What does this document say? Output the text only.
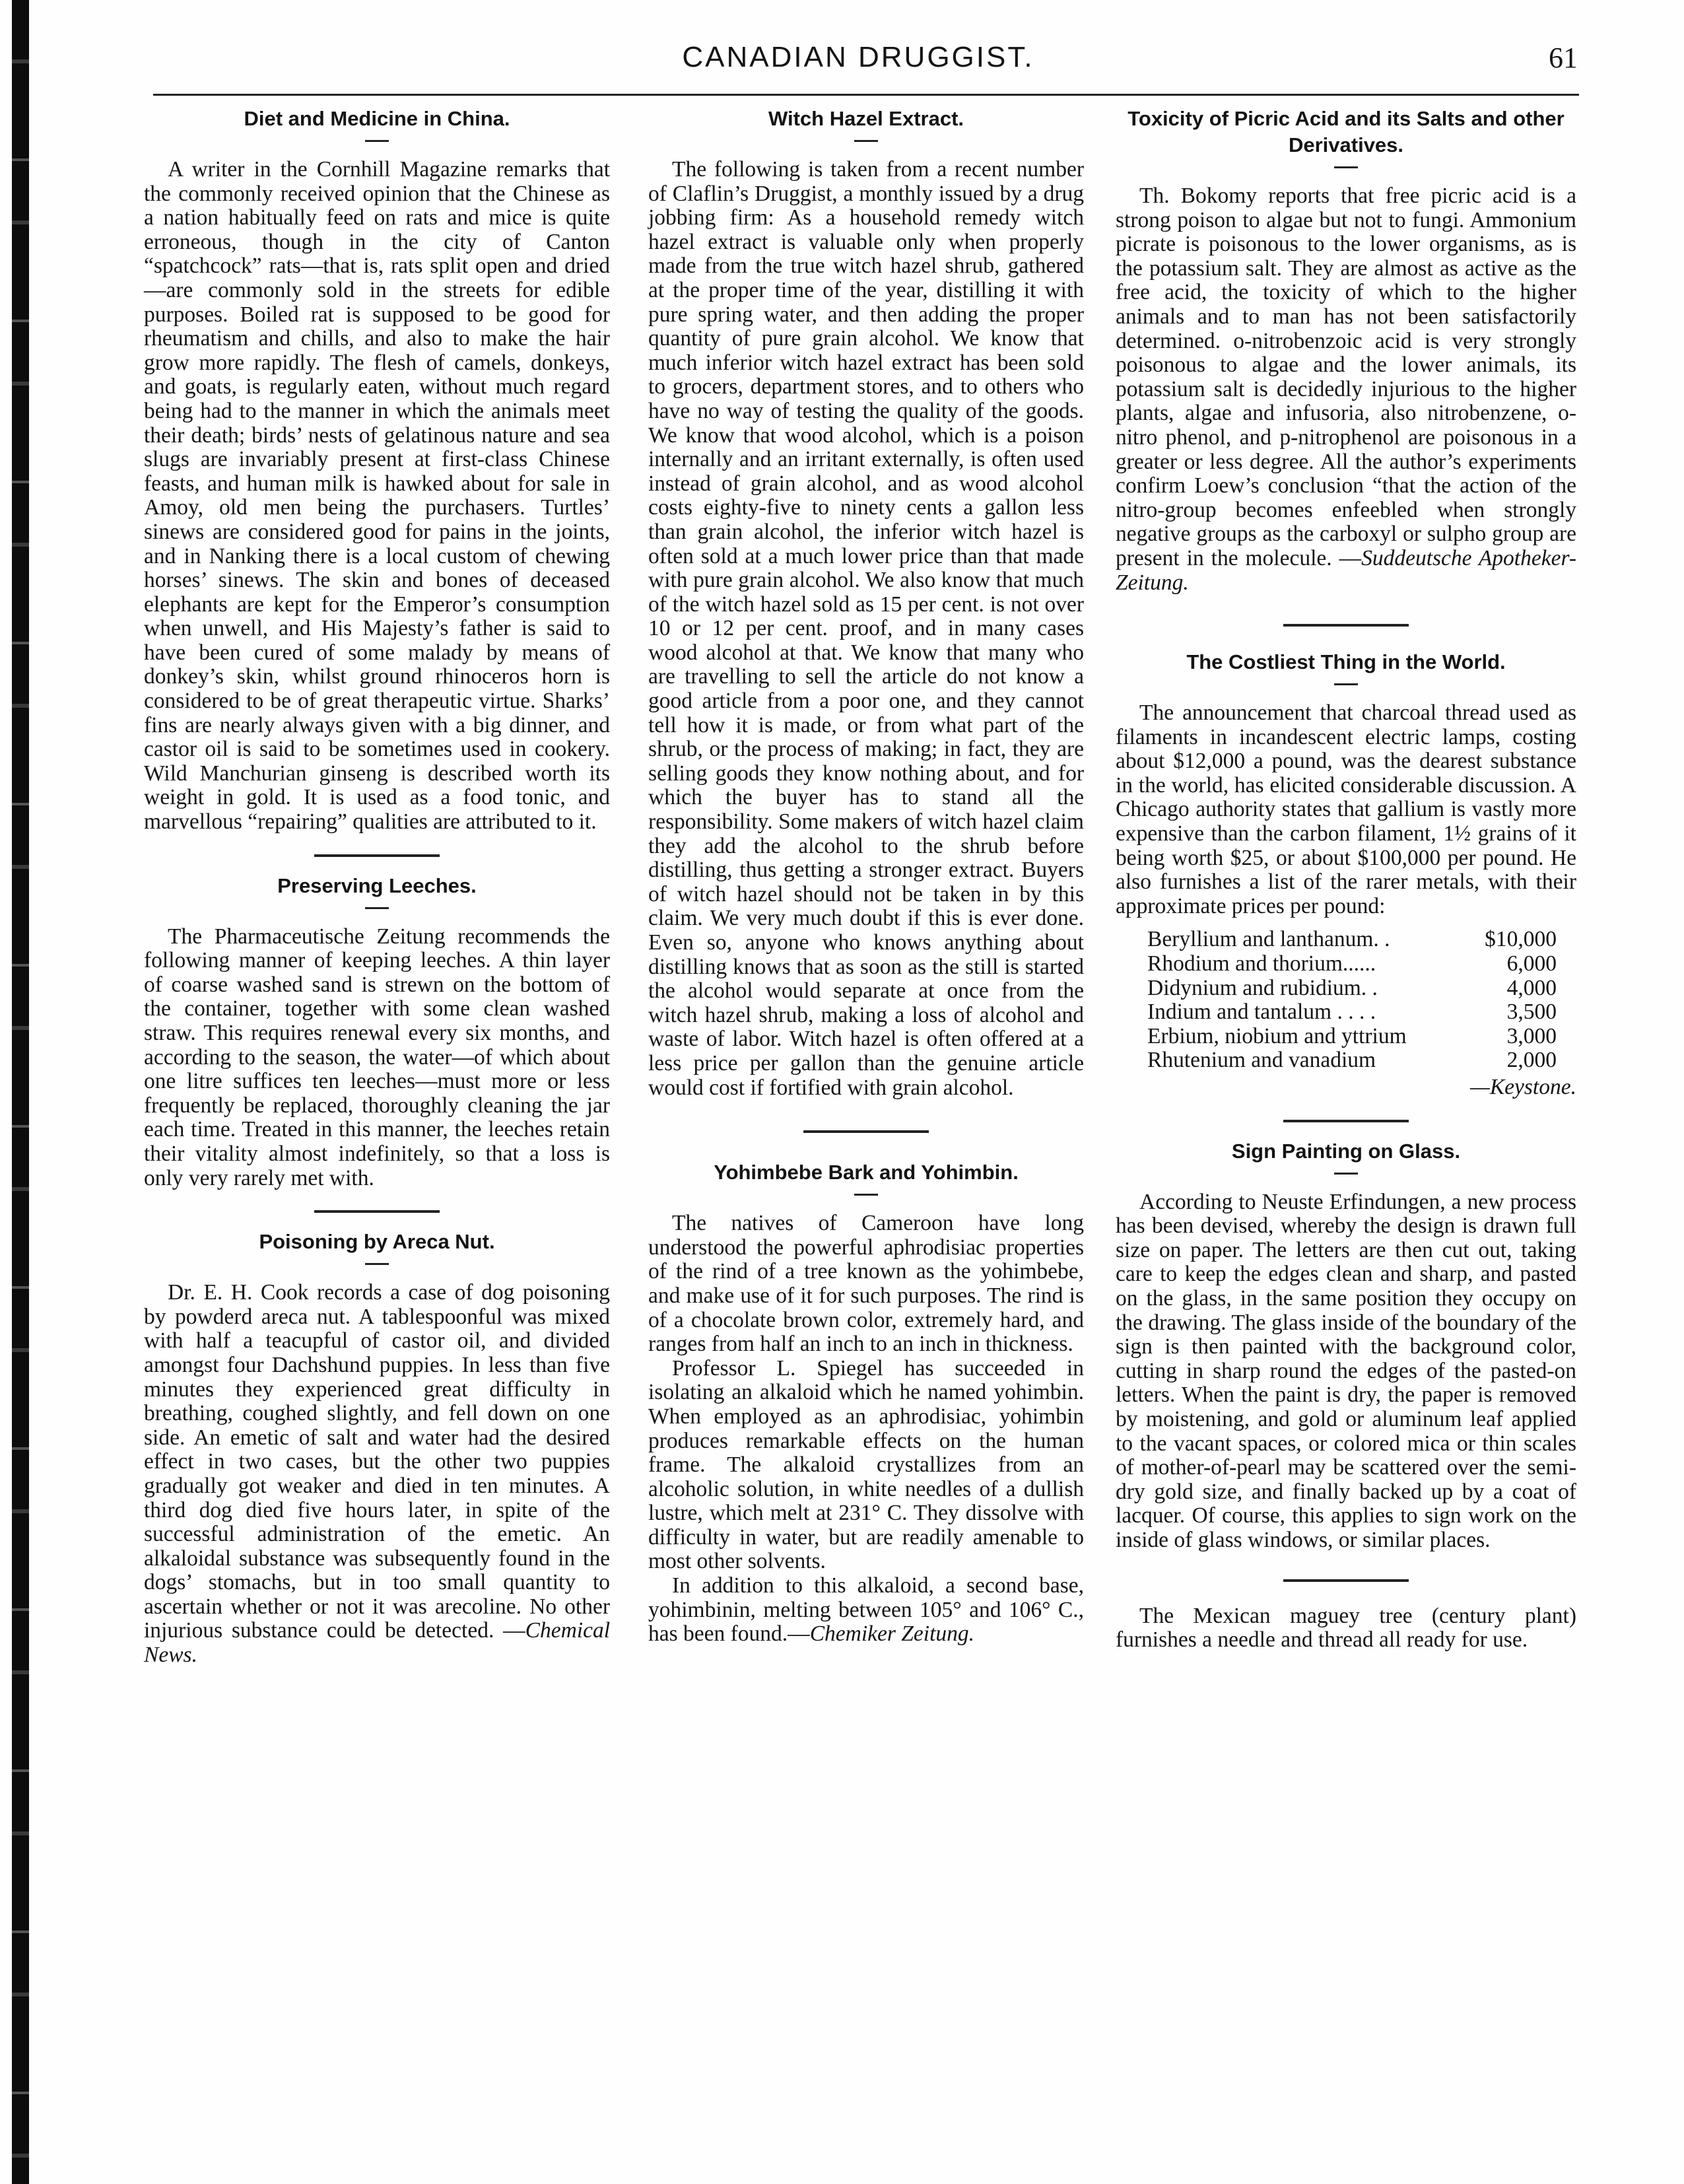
CANADIAN DRUGGIST.	61
Diet and Medicine in China.

A writer in the Cornhill Magazine remarks that the commonly received opinion that the Chinese as a nation habitually feed on rats and mice is quite erroneous, though in the city of Canton “spatchcock” rats—that is, rats split open and dried—are commonly sold in the streets for edible purposes. Boiled rat is supposed to be good for rheumatism and chills, and also to make the hair grow more rapidly. The flesh of camels, donkeys, and goats, is regularly eaten, without much regard being had to the manner in which the animals meet their death; birds’ nests of gelatinous nature and sea slugs are invariably present at first-class Chinese feasts, and human milk is hawked about for sale in Amoy, old men being the purchasers. Turtles’ sinews are considered good for pains in the joints, and in Nanking there is a local custom of chewing horses’ sinews. The skin and bones of deceased elephants are kept for the Emperor’s consumption when unwell, and His Majesty’s father is said to have been cured of some malady by means of donkey’s skin, whilst ground rhinoceros horn is considered to be of great therapeutic virtue. Sharks’ fins are nearly always given with a big dinner, and castor oil is said to be sometimes used in cookery. Wild Manchurian ginseng is described worth its weight in gold. It is used as a food tonic, and marvellous “repairing” qualities are attributed to it.

Preserving Leeches.

The Pharmaceutische Zeitung recommends the following manner of keeping leeches. A thin layer of coarse washed sand is strewn on the bottom of the container, together with some clean washed straw. This requires renewal every six months, and according to the season, the water—of which about one litre suffices ten leeches—must more or less frequently be replaced, thoroughly cleaning the jar each time. Treated in this manner, the leeches retain their vitality almost indefinitely, so that a loss is only very rarely met with.

Poisoning by Areca Nut.

Dr. E. H. Cook records a case of dog poisoning by powderd areca nut. A tablespoonful was mixed with half a teacupful of castor oil, and divided amongst four Dachshund puppies. In less than five minutes they experienced great difficulty in breathing, coughed slightly, and fell down on one side. An emetic of salt and water had the desired effect in two cases, but the other two puppies gradually got weaker and died in ten minutes. A third dog died five hours later, in spite of the successful administration of the emetic. An alkaloidal substance was subsequently found in the dogs’ stomachs, but in too small quantity to ascertain whether or not it was arecoline. No other injurious substance could be detected. —Chemical News.

Witch Hazel Extract.

The following is taken from a recent number of Claflin’s Druggist, a monthly issued by a drug jobbing firm: As a household remedy witch hazel extract is valuable only when properly made from the true witch hazel shrub, gathered at the proper time of the year, distilling it with pure spring water, and then adding the proper quantity of pure grain alcohol. We know that much inferior witch hazel extract has been sold to grocers, department stores, and to others who have no way of testing the quality of the goods. We know that wood alcohol, which is a poison internally and an irritant externally, is often used instead of grain alcohol, and as wood alcohol costs eighty-five to ninety cents a gallon less than grain alcohol, the inferior witch hazel is often sold at a much lower price than that made with pure grain alcohol. We also know that much of the witch hazel sold as 15 per cent. is not over 10 or 12 per cent. proof, and in many cases wood alcohol at that. We know that many who are travelling to sell the article do not know a good article from a poor one, and they cannot tell how it is made, or from what part of the shrub, or the process of making; in fact, they are selling goods they know nothing about, and for which the buyer has to stand all the responsibility. Some makers of witch hazel claim they add the alcohol to the shrub before distilling, thus getting a stronger extract. Buyers of witch hazel should not be taken in by this claim. We very much doubt if this is ever done. Even so, anyone who knows anything about distilling knows that as soon as the still is started the alcohol would separate at once from the witch hazel shrub, making a loss of alcohol and waste of labor. Witch hazel is often offered at a less price per gallon than the genuine article would cost if fortified with grain alcohol.

Yohimbebe Bark and Yohimbin.

The natives of Cameroon have long understood the powerful aphrodisiac properties of the rind of a tree known as the yohimbebe, and make use of it for such purposes. The rind is of a chocolate brown color, extremely hard, and ranges from half an inch to an inch in thickness.

Professor L. Spiegel has succeeded in isolating an alkaloid which he named yohimbin. When employed as an aphrodisiac, yohimbin produces remarkable effects on the human frame. The alkaloid crystallizes from an alcoholic solution, in white needles of a dullish lustre, which melt at 231° C. They dissolve with difficulty in water, but are readily amenable to most other solvents.

In addition to this alkaloid, a second base, yohimbinin, melting between 105° and 106° C., has been found.—Chemiker Zeitung.

Toxicity of Picric Acid and its Salts and other Derivatives.

Th. Bokomy reports that free picric acid is a strong poison to algae but not to fungi. Ammonium picrate is poisonous to the lower organisms, as is the potassium salt. They are almost as active as the free acid, the toxicity of which to the higher animals and to man has not been satisfactorily determined. o-nitrobenzoic acid is very strongly poisonous to algae and the lower animals, its potassium salt is decidedly injurious to the higher plants, algae and infusoria, also nitrobenzene, o-nitro phenol, and p-nitrophenol are poisonous in a greater or less degree. All the author’s experiments confirm Loew’s conclusion “that the action of the nitro-group becomes enfeebled when strongly negative groups as the carboxyl or sulpho group are present in the molecule. —Suddeutsche Apotheker-Zeitung.

The Costliest Thing in the World.

The announcement that charcoal thread used as filaments in incandescent electric lamps, costing about $12,000 a pound, was the dearest substance in the world, has elicited considerable discussion. A Chicago authority states that gallium is vastly more expensive than the carbon filament, 1½ grains of it being worth $25, or about $100,000 per pound. He also furnishes a list of the rarer metals, with their approximate prices per pound:

Beryllium and lanthanum. .	$10,000
Rhodium and thorium......	6,000
Didynium and rubidium. .	4,000
Indium and tantalum . . . .	3,500
Erbium, niobium and yttrium	3,000
Rhutenium and vanadium	2,000
—Keystone.
Sign Painting on Glass.

According to Neuste Erfindungen, a new process has been devised, whereby the design is drawn full size on paper. The letters are then cut out, taking care to keep the edges clean and sharp, and pasted on the glass, in the same position they occupy on the drawing. The glass inside of the boundary of the sign is then painted with the background color, cutting in sharp round the edges of the pasted-on letters. When the paint is dry, the paper is removed by moistening, and gold or aluminum leaf applied to the vacant spaces, or colored mica or thin scales of mother-of-pearl may be scattered over the semi-dry gold size, and finally backed up by a coat of lacquer. Of course, this applies to sign work on the inside of glass windows, or similar places.

The Mexican maguey tree (century plant) furnishes a needle and thread all ready for use.
